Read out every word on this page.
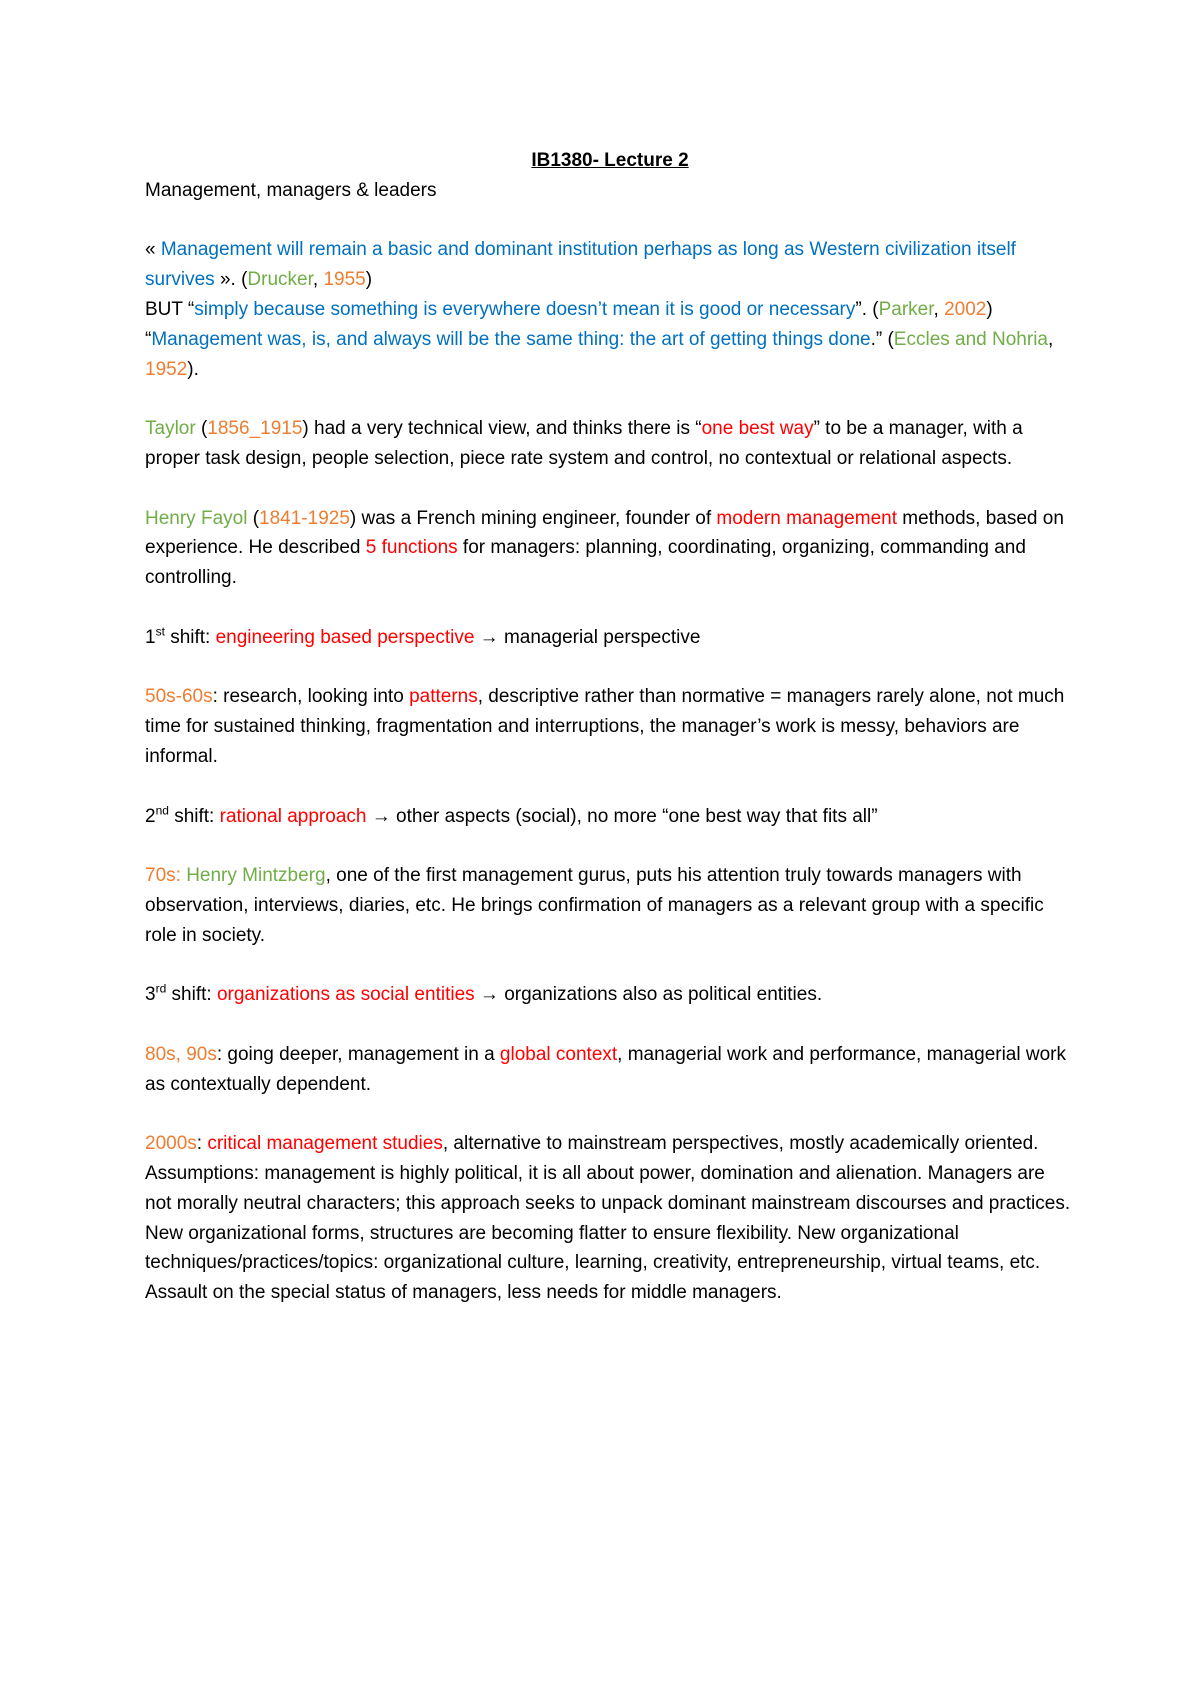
IB1380- Lecture 2

Management, managers & leaders

« Management will remain a basic and dominant institution perhaps as long as Western civilization itself survives ». (Drucker, 1955)

BUT “simply because something is everywhere doesn’t mean it is good or necessary”. (Parker, 2002)

“Management was, is, and always will be the same thing: the art of getting things done.” (Eccles and Nohria, 1952).

Taylor (1856_1915) had a very technical view, and thinks there is “one best way” to be a manager, with a proper task design, people selection, piece rate system and control, no contextual or relational aspects.

Henry Fayol (1841-1925) was a French mining engineer, founder of modern management methods, based on experience. He described 5 functions for managers: planning, coordinating, organizing, commanding and controlling.

1st shift: engineering based perspective → managerial perspective

50s-60s: research, looking into patterns, descriptive rather than normative = managers rarely alone, not much time for sustained thinking, fragmentation and interruptions, the manager’s work is messy, behaviors are informal.

2nd shift: rational approach → other aspects (social), no more “one best way that fits all”

70s: Henry Mintzberg, one of the first management gurus, puts his attention truly towards managers with observation, interviews, diaries, etc. He brings confirmation of managers as a relevant group with a specific role in society.

3rd shift: organizations as social entities → organizations also as political entities.

80s, 90s: going deeper, management in a global context, managerial work and performance, managerial work as contextually dependent.

2000s: critical management studies, alternative to mainstream perspectives, mostly academically oriented.

Assumptions: management is highly political, it is all about power, domination and alienation. Managers are not morally neutral characters; this approach seeks to unpack dominant mainstream discourses and practices. New organizational forms, structures are becoming flatter to ensure flexibility. New organizational techniques/practices/topics: organizational culture, learning, creativity, entrepreneurship, virtual teams, etc.

Assault on the special status of managers, less needs for middle managers.
